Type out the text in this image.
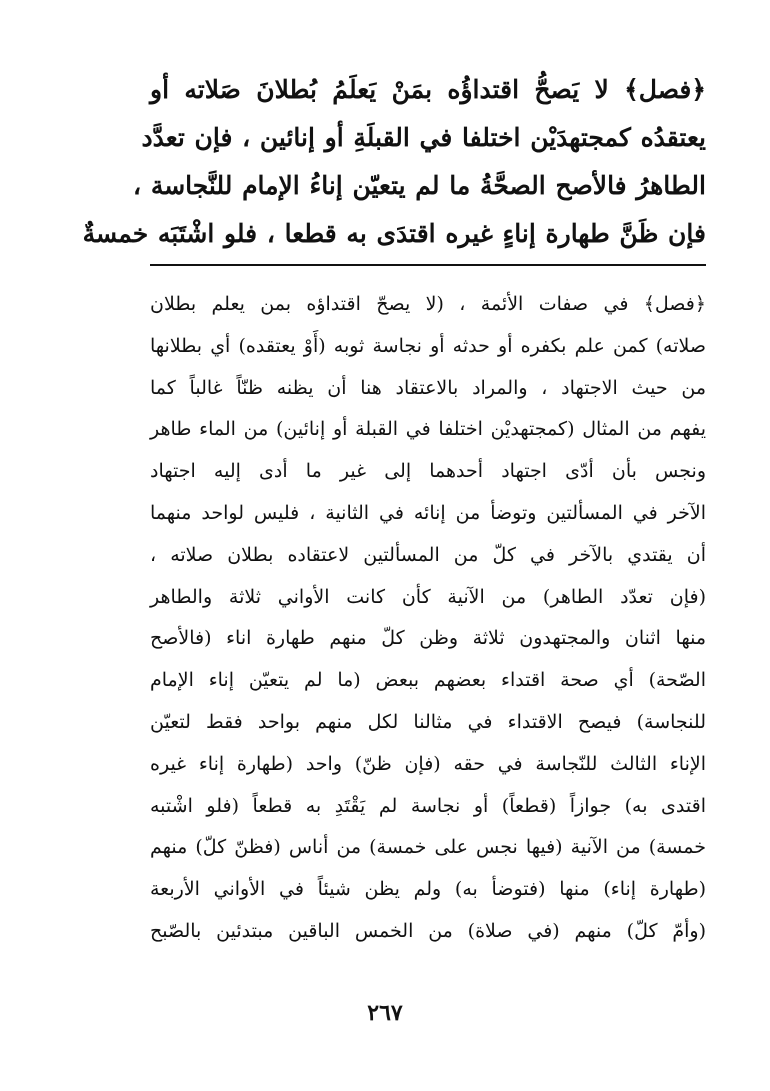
﴿فصل﴾ لا يَصحُّ اقتداؤُه بمَنْ يَعلَمُ بُطلانَ صَلاته أو
يعتقدُه كمجتهدَيْن اختلفا في القبلَةِ أو إنائين ، فإن تعدَّد
الطاهرُ فالأصح الصحَّةُ ما لم يتعيّن إناءُ الإمام للنَّجاسة ،
فإن ظَنَّ طهارة إناءٍ غيره اقتدَى به قطعا ، فلو اشْتَبَه خمسةٌ
﴿فصل﴾ في صفات الأئمة ، (لا يصحّ اقتداؤه بمن يعلم بطلان
صلاته) كمن علم بكفره أو حدثه أو نجاسة ثوبه (أَوْ يعتقده) أي بطلانها
من حيث الاجتهاد ، والمراد بالاعتقاد هنا أن يظنه ظنّاً غالباً كما
يفهم من المثال (كمجتهديْن اختلفا في القبلة أو إنائين) من الماء طاهر
ونجس بأن أدّى اجتهاد أحدهما إلى غير ما أدى إليه اجتهاد
الآخر في المسألتين وتوضأ من إنائه في الثانية ، فليس لواحد منهما
أن يقتدي بالآخر في كلّ من المسألتين لاعتقاده بطلان صلاته ،
(فإن تعدّد الطاهر) من الآنية كأن كانت الأواني ثلاثة والطاهر
منها اثنان والمجتهدون ثلاثة وظن كلّ منهم طهارة اناء (فالأصح
الصّحة) أي صحة اقتداء بعضهم ببعض (ما لم يتعيّن إناء الإمام
للنجاسة) فيصح الاقتداء في مثالنا لكل منهم بواحد فقط لتعيّن
الإناء الثالث للنّجاسة في حقه (فإن ظنّ) واحد (طهارة إناء غيره
اقتدى به) جوازاً (قطعاً) أو نجاسة لم يَقْتَدِ به قطعاً (فلو اشْتبه
خمسة) من الآنية (فيها نجس على خمسة) من أناس (فظنّ كلّ) منهم
(طهارة إناء) منها (فتوضأ به) ولم يظن شيئاً في الأواني الأربعة
(وأمّ كلّ) منهم (في صلاة) من الخمس الباقين مبتدئين بالصّبح
٢٦٧
